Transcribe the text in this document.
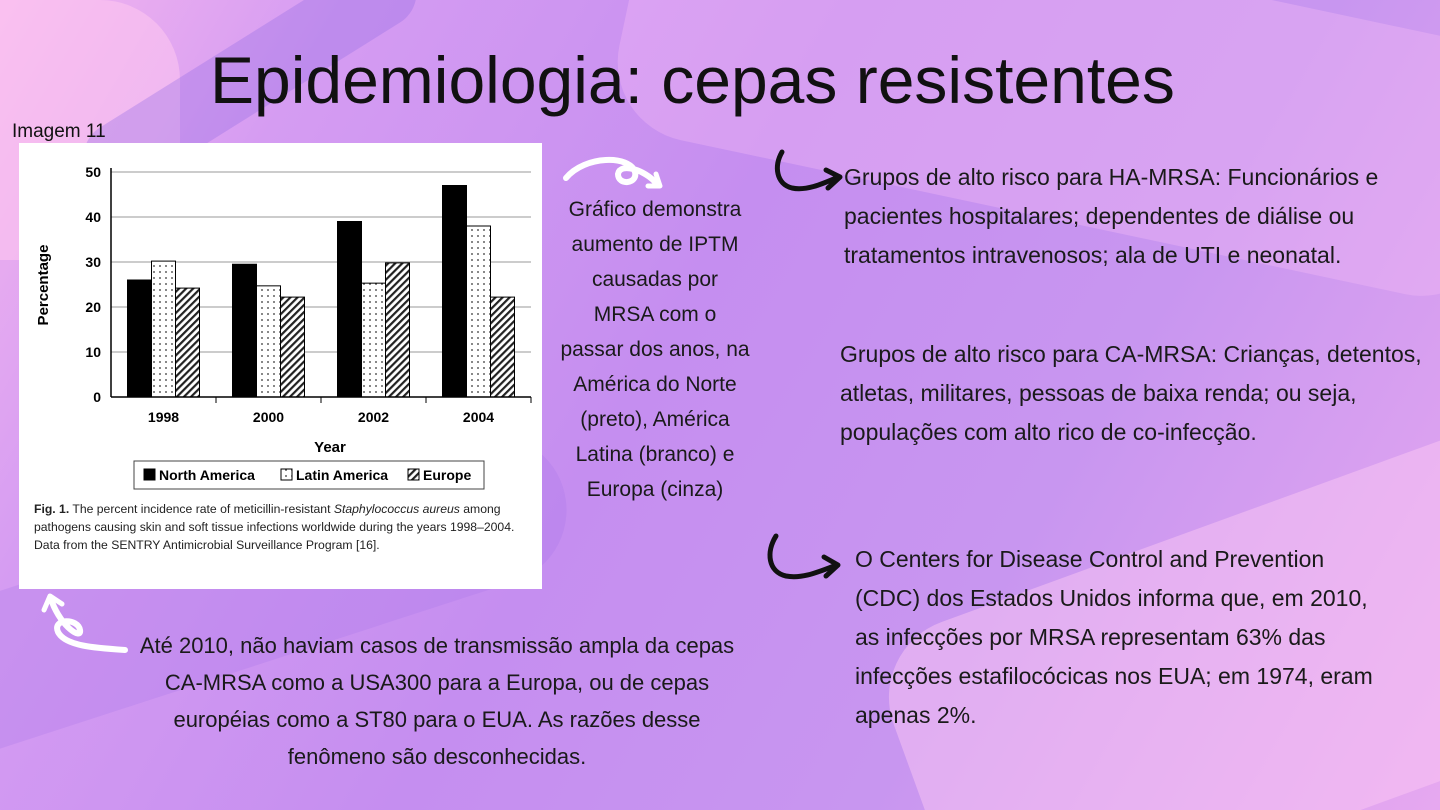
Epidemiologia: cepas resistentes
Imagem 11
0
10
20
30
40
50
1998	2000	2002	2004
Percentage
Year
North America	Latin America Europe
Fig. 1. The percent incidence rate of meticillin-resistant Staphylococcus aureus among pathogens causing skin and soft tissue infections worldwide during the years 1998–2004. Data from the SENTRY Antimicrobial Surveillance Program [16].
Gráfico demonstra aumento de IPTM causadas por MRSA com o passar dos anos, na América do Norte (preto), América Latina (branco) e Europa (cinza)
Até 2010, não haviam casos de transmissão ampla da cepas CA-MRSA como a USA300 para a Europa, ou de cepas européias como a ST80 para o EUA. As razões desse fenômeno são desconhecidas.
Grupos de alto risco para HA-MRSA: Funcionários e pacientes hospitalares; dependentes de diálise ou tratamentos intravenosos; ala de UTI e neonatal.
Grupos de alto risco para CA-MRSA: Crianças, detentos, atletas, militares, pessoas de baixa renda; ou seja, populações com alto rico de co-infecção.
O Centers for Disease Control and Prevention (CDC) dos Estados Unidos informa que, em 2010, as infecções por MRSA representam 63% das infecções estafilocócicas nos EUA; em 1974, eram apenas 2%.
